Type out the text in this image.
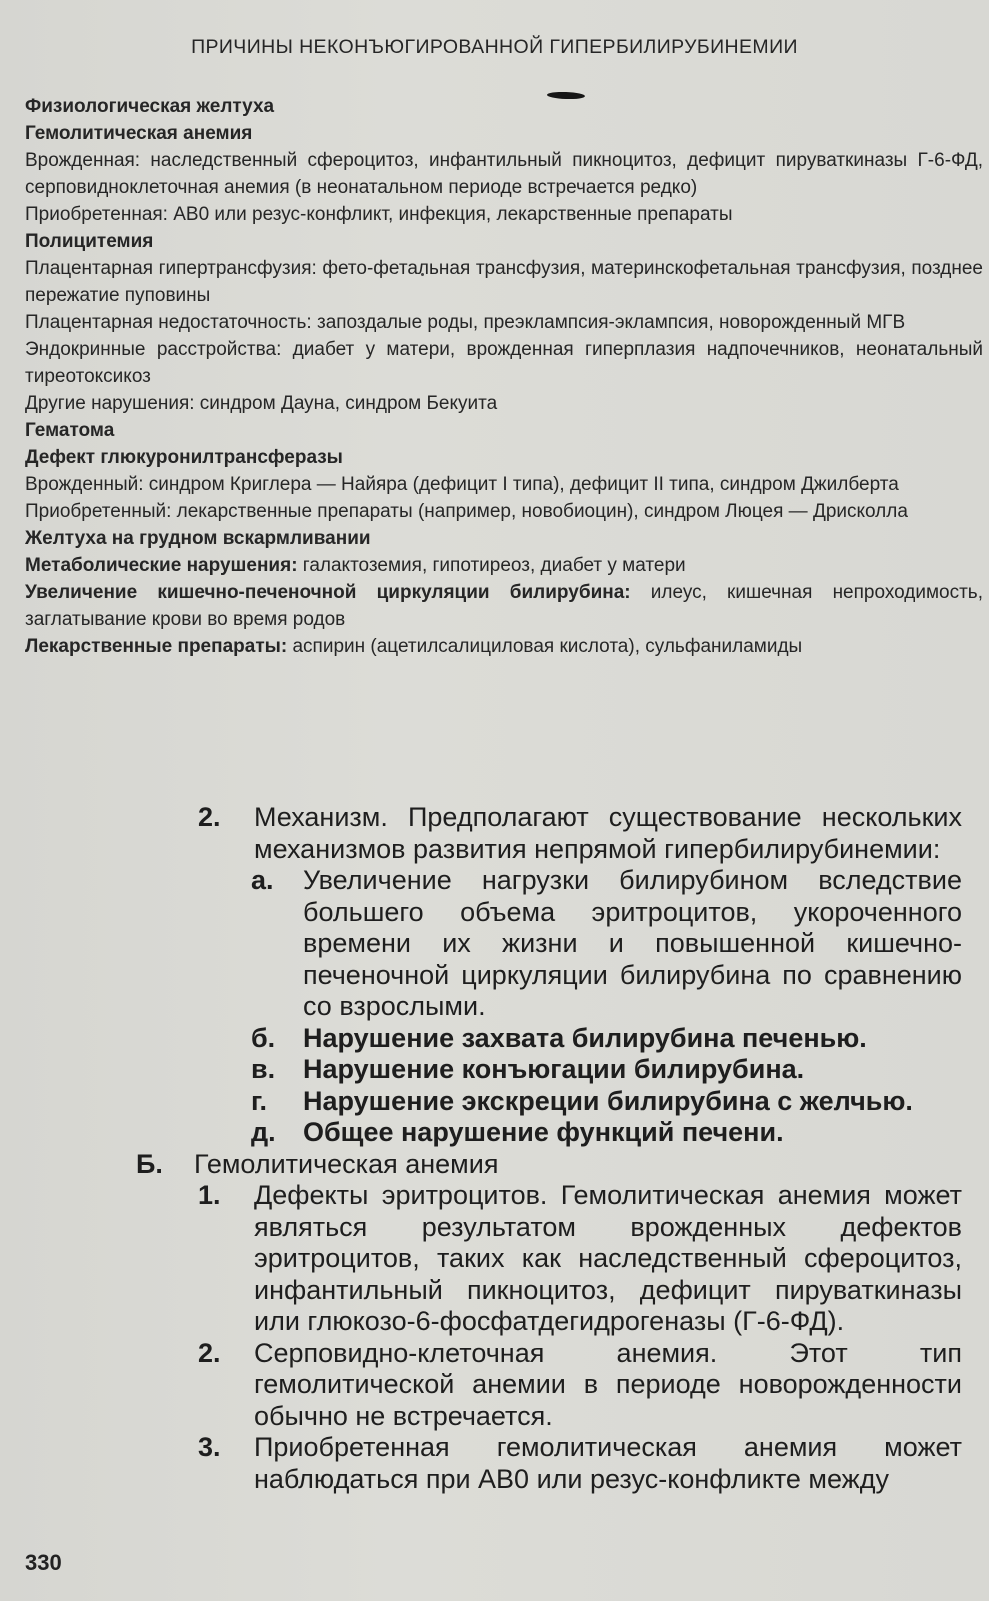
ПРИЧИНЫ НЕКОНЪЮГИРОВАННОЙ ГИПЕРБИЛИРУБИНЕМИИ
Физиологическая желтуха
Гемолитическая анемия
Врожденная: наследственный сфероцитоз, инфантильный пикноцитоз, дефицит пируваткиназы Г-6-ФД, серповидноклеточная анемия (в неонатальном периоде встречается редко)
Приобретенная: АВ0 или резус-конфликт, инфекция, лекарственные препараты
Полицитемия
Плацентарная гипертрансфузия: фето-фетальная трансфузия, материнскофетальная трансфузия, позднее пережатие пуповины
Плацентарная недостаточность: запоздалые роды, преэклампсия-эклампсия, новорожденный МГВ
Эндокринные расстройства: диабет у матери, врожденная гиперплазия надпочечников, неонатальный тиреотоксикоз
Другие нарушения: синдром Дауна, синдром Бекуита
Гематома
Дефект глюкуронилтрансферазы
Врожденный: синдром Криглера — Найяра (дефицит I типа), дефицит II типа, синдром Джилберта
Приобретенный: лекарственные препараты (например, новобиоцин), синдром Люцея — Дрисколла
Желтуха на грудном вскармливании
Метаболические нарушения: галактоземия, гипотиреоз, диабет у матери
Увеличение кишечно-печеночной циркуляции билирубина: илеус, кишечная непроходимость, заглатывание крови во время родов
Лекарственные препараты: аспирин (ацетилсалициловая кислота), сульфаниламиды
2. Механизм. Предполагают существование нескольких механизмов развития непрямой гипербилирубинемии:
а. Увеличение нагрузки билирубином вследствие большего объема эритроцитов, укороченного времени их жизни и повышенной кишечно-печеночной циркуляции билирубина по сравнению со взрослыми.
б. Нарушение захвата билирубина печенью.
в. Нарушение конъюгации билирубина.
г. Нарушение экскреции билирубина с желчью.
д. Общее нарушение функций печени.
Б. Гемолитическая анемия
1. Дефекты эритроцитов. Гемолитическая анемия может являться результатом врожденных дефектов эритроцитов, таких как наследственный сфероцитоз, инфантильный пикноцитоз, дефицит пируваткиназы или глюкозо-6-фосфатдегидрогеназы (Г-6-ФД).
2. Серповидно-клеточная анемия. Этот тип гемолитической анемии в периоде новорожденности обычно не встречается.
3. Приобретенная гемолитическая анемия может наблюдаться при АВ0 или резус-конфликте между
330
